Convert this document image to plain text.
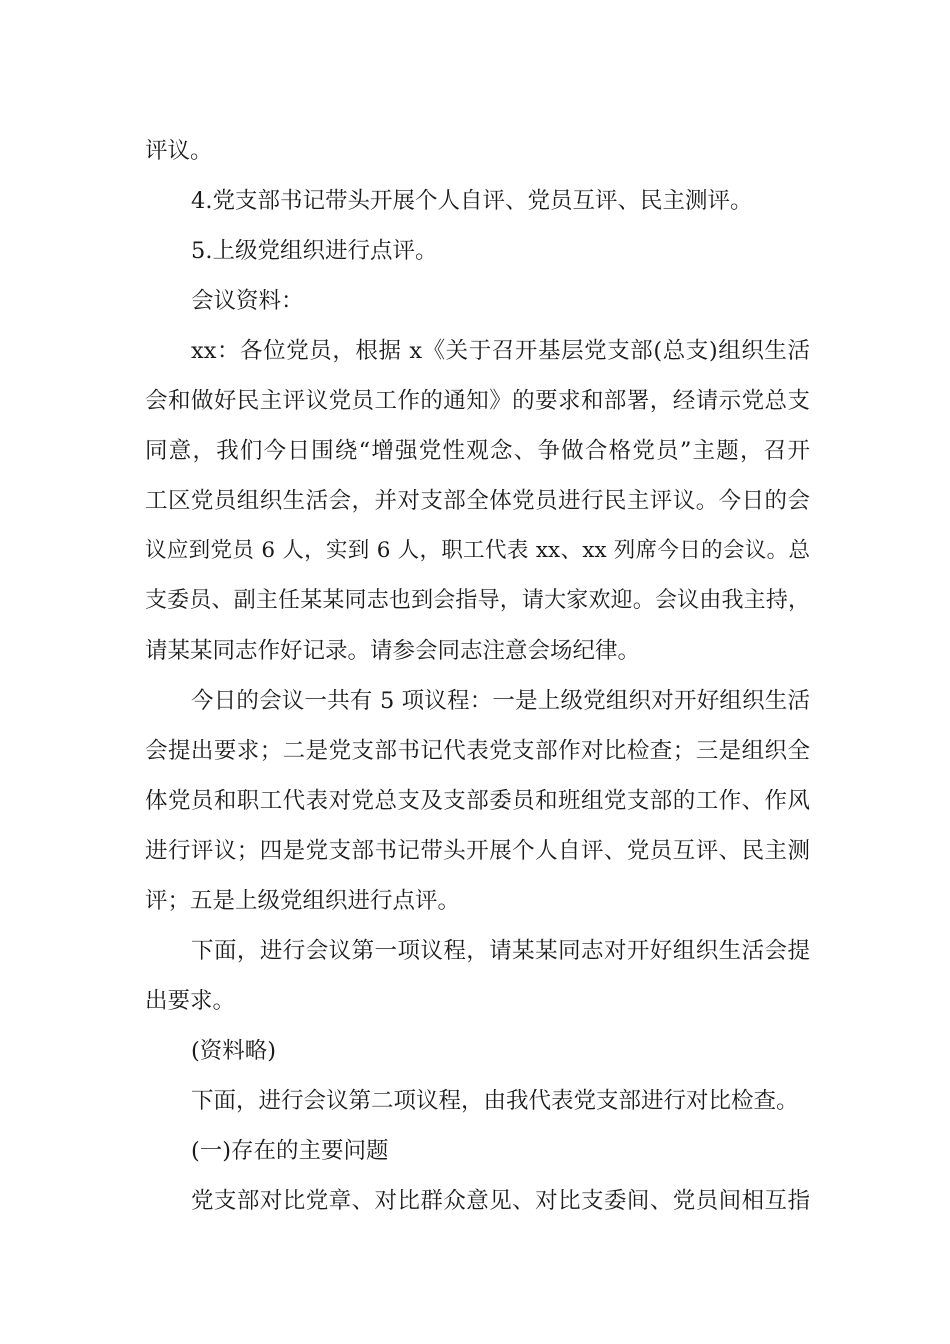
评议。
4.党支部书记带头开展个人自评、党员互评、民主测评。
5.上级党组织进行点评。
会议资料：
xx：各位党员，根据 x《关于召开基层党支部(总支)组织生活
会和做好民主评议党员工作的通知》的要求和部署，经请示党总支
同意，我们今日围绕“增强党性观念、争做合格党员”主题，召开
工区党员组织生活会，并对支部全体党员进行民主评议。今日的会
议应到党员 6 人，实到 6 人，职工代表 xx、xx 列席今日的会议。总
支委员、副主任某某同志也到会指导，请大家欢迎。会议由我主持，
请某某同志作好记录。请参会同志注意会场纪律。
今日的会议一共有 5 项议程：一是上级党组织对开好组织生活
会提出要求；二是党支部书记代表党支部作对比检查；三是组织全
体党员和职工代表对党总支及支部委员和班组党支部的工作、作风
进行评议；四是党支部书记带头开展个人自评、党员互评、民主测
评；五是上级党组织进行点评。
下面，进行会议第一项议程，请某某同志对开好组织生活会提
出要求。
(资料略)
下面，进行会议第二项议程，由我代表党支部进行对比检查。
(一)存在的主要问题
党支部对比党章、对比群众意见、对比支委间、党员间相互指
